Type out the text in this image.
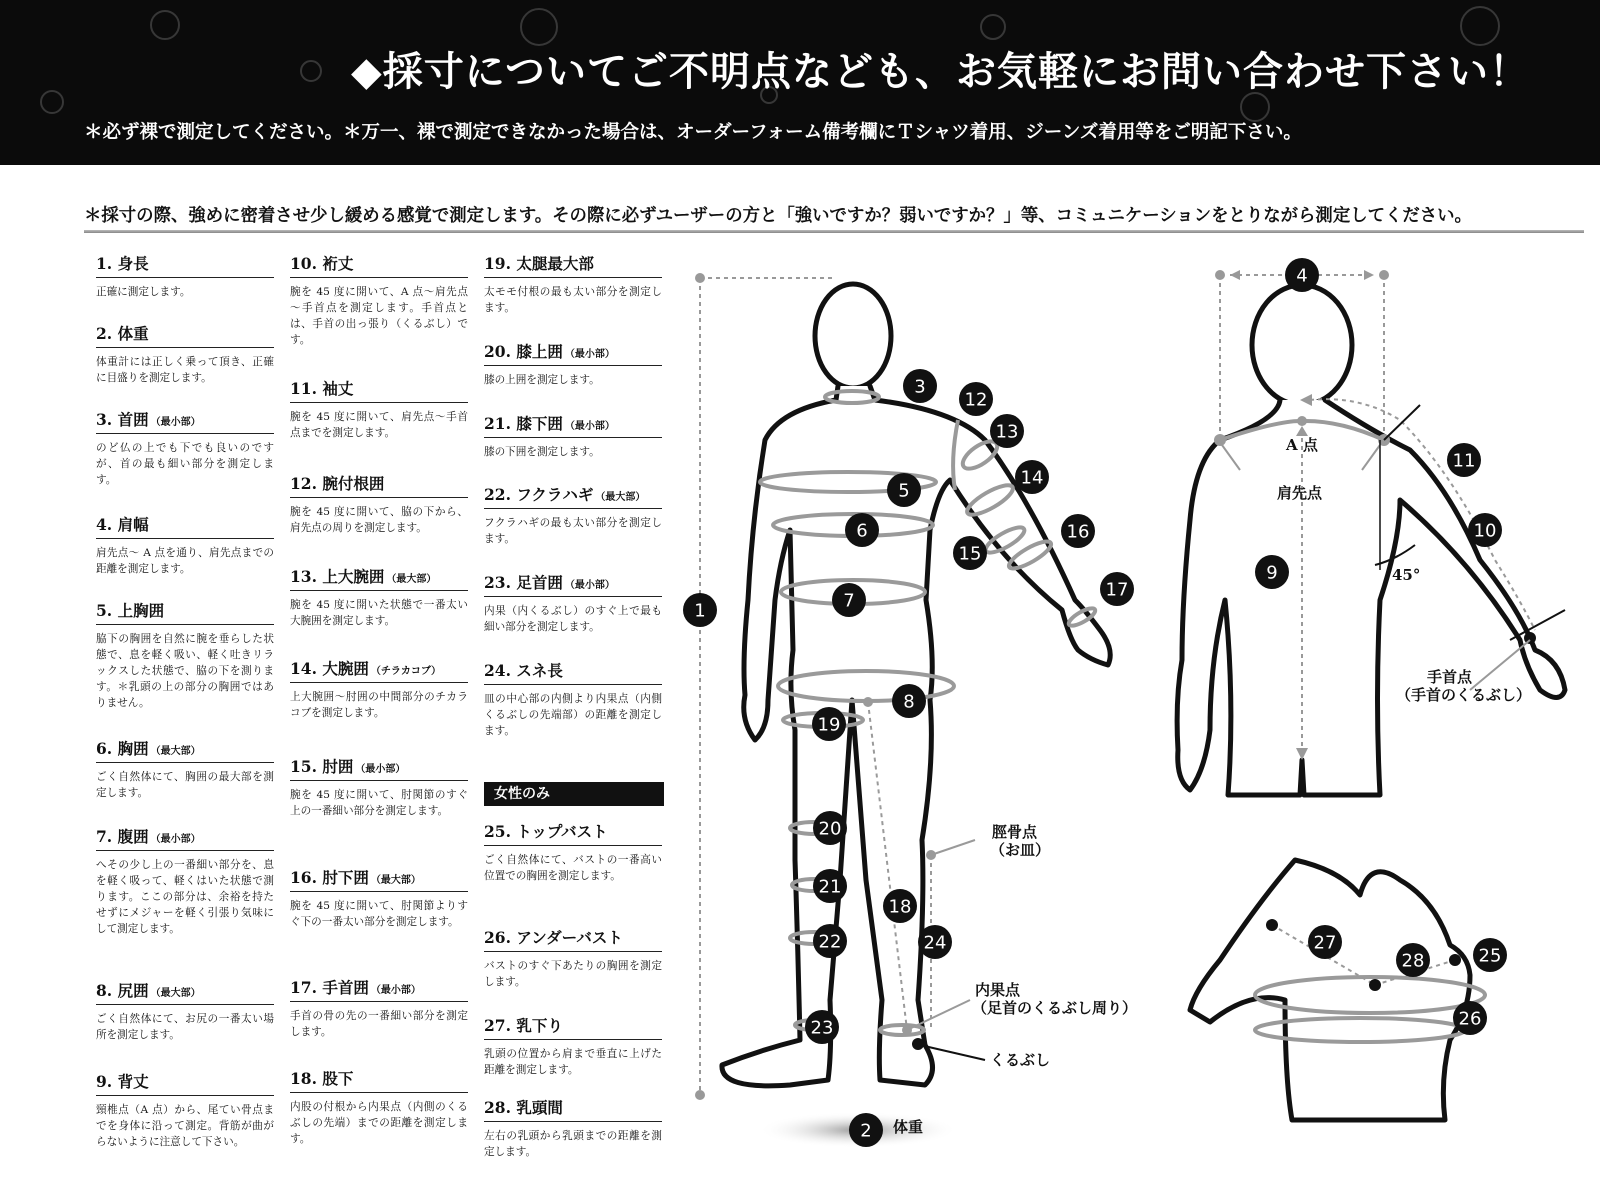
◆採寸についてご不明点なども、お気軽にお問い合わせ下さい！
＊必ず裸で測定してください。＊万一、裸で測定できなかった場合は、オーダーフォーム備考欄にＴシャツ着用、ジーンズ着用等をご明記下さい。
＊採寸の際、強めに密着させ少し緩める感覚で測定します。その際に必ずユーザーの方と「強いですか？弱いですか？」等、コミュニケーションをとりながら測定してください。
1. 身長
正確に測定します。
2. 体重
体重計には正しく乗って頂き、正確に目盛りを測定します。
3. 首囲 （最小部）
のど仏の上でも下でも良いのですが、首の最も細い部分を測定します。
4. 肩幅
肩先点～ A 点を通り、肩先点までの距離を測定します。
5. 上胸囲
脇下の胸囲を自然に腕を垂らした状態で、息を軽く吸い、軽く吐きリラックスした状態で、脇の下を測ります。＊乳頭の上の部分の胸囲ではありません。
6. 胸囲 （最大部）
ごく自然体にて、胸囲の最大部を測定します。
7. 腹囲 （最小部）
へその少し上の一番細い部分を、息を軽く吸って、軽くはいた状態で測ります。ここの部分は、余裕を持たせずにメジャーを軽く引張り気味にして測定します。
8. 尻囲 （最大部）
ごく自然体にて、お尻の一番太い場所を測定します。
9. 背丈
頸椎点（A 点）から、尾てい骨点までを身体に沿って測定。背筋が曲がらないように注意して下さい。
10. 裄丈
腕を 45 度に開いて、A 点～肩先点～手首点を測定します。手首点とは、手首の出っ張り（くるぶし）です。
11. 袖丈
腕を 45 度に開いて、肩先点～手首点までを測定します。
12. 腕付根囲
腕を 45 度に開いて、脇の下から、肩先点の周りを測定します。
13. 上大腕囲 （最大部）
腕を 45 度に開いた状態で一番太い大腕囲を測定します。
14. 大腕囲 （チラカコブ）
上大腕囲～肘囲の中間部分のチカラコブを測定します。
15. 肘囲 （最小部）
腕を 45 度に開いて、肘関節のすぐ上の一番細い部分を測定します。
16. 肘下囲 （最大部）
腕を 45 度に開いて、肘関節よりすぐ下の一番太い部分を測定します。
17. 手首囲 （最小部）
手首の骨の先の一番細い部分を測定します。
18. 股下
内股の付根から内果点（内側のくるぶしの先端）までの距離を測定します。
19. 太腿最大部
太モモ付根の最も太い部分を測定します。
20. 膝上囲 （最小部）
膝の上囲を測定します。
21. 膝下囲 （最小部）
膝の下囲を測定します。
22. フクラハギ （最大部）
フクラハギの最も太い部分を測定します。
23. 足首囲 （最小部）
内果（内くるぶし）のすぐ上で最も細い部分を測定します。
24. スネ長
皿の中心部の内側より内果点（内側くるぶしの先端部）の距離を測定します。
女性のみ
25. トップバスト
ごく自然体にて、バストの一番高い位置での胸囲を測定します。
26. アンダーバスト
バストのすぐ下あたりの胸囲を測定します。
27. 乳下り
乳頭の位置から肩まで垂直に上げた距離を測定します。
28. 乳頭間
左右の乳頭から乳頭までの距離を測定します。
1
2
3
4
5
6
7
8
9
10
11
12
13
14
15
16
17
18
19
20
21
22
23
24
25
26
27
28
A 点
肩先点
45°
手首点
（手首のくるぶし）
脛骨点
（お皿）
内果点
（足首のくるぶし周り）
くるぶし
体重
